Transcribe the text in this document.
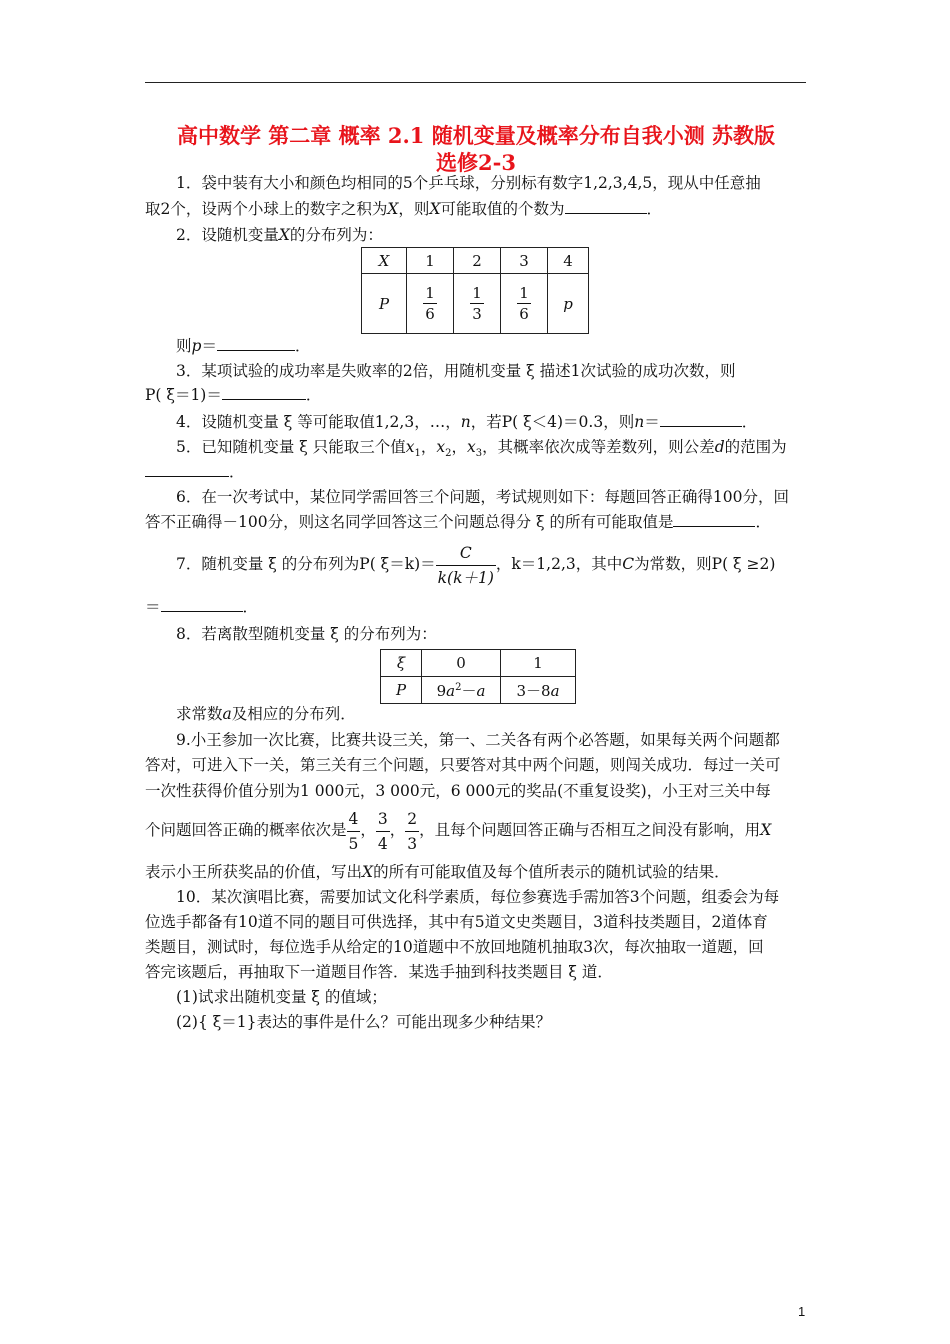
高中数学 第二章 概率 2.1 随机变量及概率分布自我小测 苏教版
选修2-3
1．袋中装有大小和颜色均相同的5个乒乓球，分别标有数字1,2,3,4,5，现从中任意抽
取2个，设两个小球上的数字之积为X，则X可能取值的个数为	．
2．设随机变量X的分布列为：
X	1	2	3	4
P	$\frac{1}{6}$	$\frac{1}{3}$	$\frac{1}{6}$	p
则p＝	．
3．某项试验的成功率是失败率的2倍，用随机变量 ξ 描述1次试验的成功次数，则
P( ξ＝1)＝	．
4．设随机变量 ξ 等可能取值1,2,3，…，n，若P( ξ＜4)＝0.3，则n＝	．
5．已知随机变量 ξ 只能取三个值$x_1$，$x_2$，$x_3$，其概率依次成等差数列，则公差d的范围为
．
6．在一次考试中，某位同学需回答三个问题，考试规则如下：每题回答正确得100分，回
答不正确得－100分，则这名同学回答这三个问题总得分 ξ 的所有可能取值是	．
7．随机变量 ξ 的分布列为P( $\xi=k)= \frac{C}{k(k+1)}$ ，k＝1,2,3，其中C为常数，则P( ξ ≥2)
＝	．
8．若离散型随机变量 ξ 的分布列为：
ξ	0	1
P	$9a^2-a$	3－8a
求常数a及相应的分布列．
9.小王参加一次比赛，比赛共设三关，第一、二关各有两个必答题，如果每关两个问题都
答对，可进入下一关，第三关有三个问题，只要答对其中两个问题，则闯关成功．每过一关可
一次性获得价值分别为1 000元，3 000元，6 000元的奖品(不重复设奖)，小王对三关中每
个问题回答正确的概率依次是 $\frac{4}{5}$ ， $\frac{3}{4}$ ， $\frac{2}{3}$ ，且每个问题回答正确与否相互之间没有影响，用X
表示小王所获奖品的价值，写出X的所有可能取值及每个值所表示的随机试验的结果．
10．某次演唱比赛，需要加试文化科学素质，每位参赛选手需加答3个问题，组委会为每
位选手都备有10道不同的题目可供选择，其中有5道文史类题目，3道科技类题目，2道体育
类题目，测试时，每位选手从给定的10道题中不放回地随机抽取3次，每次抽取一道题，回
答完该题后，再抽取下一道题目作答．某选手抽到科技类题目 ξ 道．
(1)试求出随机变量 ξ 的值域；
(2){ ξ＝1}表达的事件是什么？可能出现多少种结果？
1
